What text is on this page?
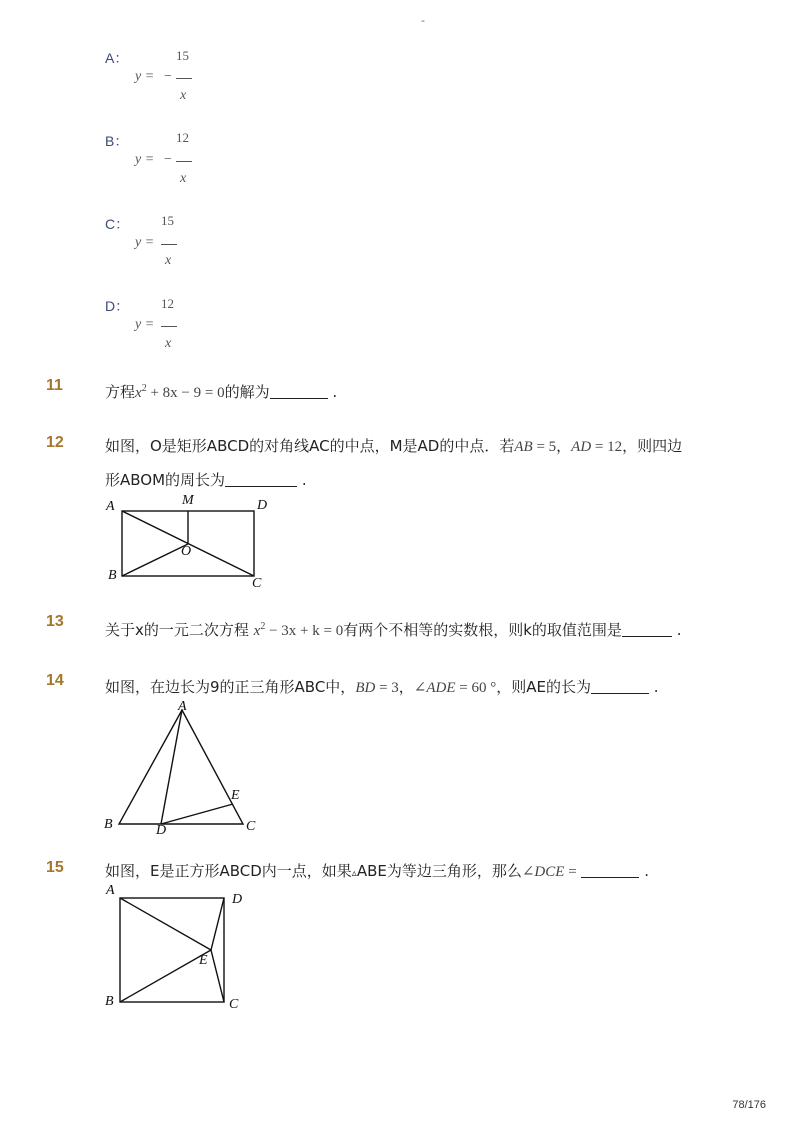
-
A：	15
y = −
x
B：	12
y = −
x
C： 15
y =
x
D： 12
y =
x
11	方程$x^2 + 8x - 9 = 0$的解为	.
12	如图，O是矩形ABCD的对角线AC的中点，M是AD的中点．若AB = 5，AD = 12，则四边
形ABOM的周长为	.
A	M	D
O
B
C
13	关于x的一元二次方程 $x^2 - 3x + k = 0$有两个不相等的实数根，则k的取值范围是	.
14	如图，在边长为9的正三角形ABC中，BD = 3，∠ADE = 60 °，则AE的长为	.
A
B	D
E
C
15	如图，E是正方形ABCD内一点，如果▵ABE为等边三角形，那么∠DCE =	.
A
D
E
B	C
78/176
